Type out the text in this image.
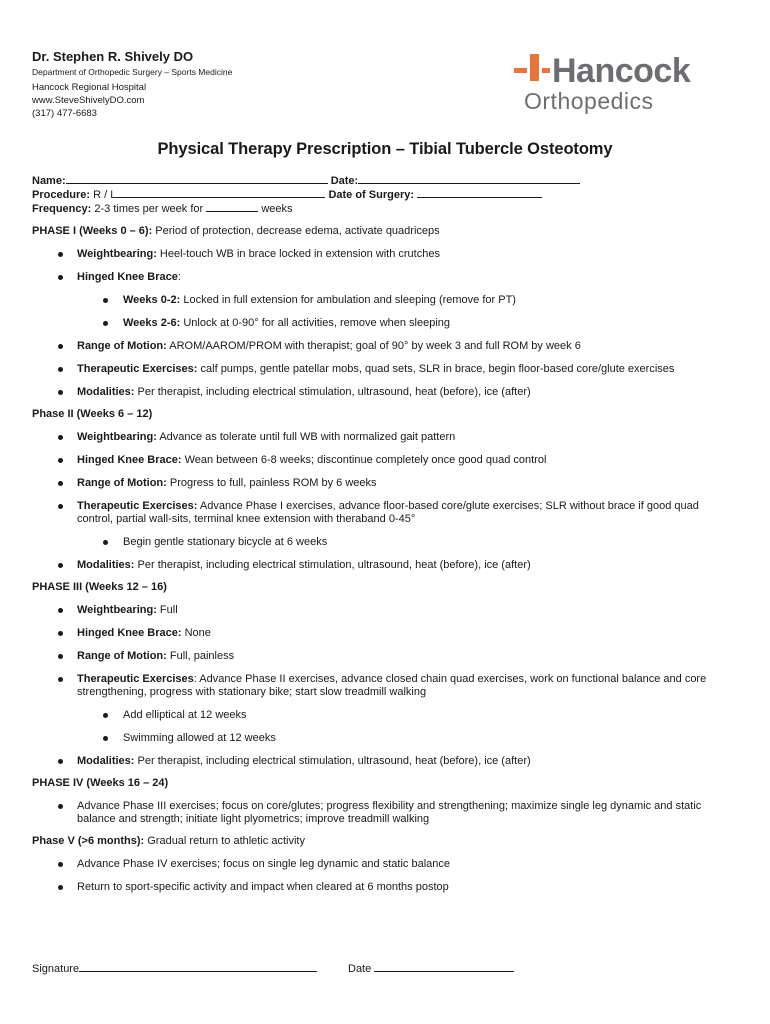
Dr. Stephen R. Shively DO
Department of Orthopedic Surgery – Sports Medicine
Hancock Regional Hospital
www.SteveShivelyDO.com
(317) 477-6683
Hancock
Orthopedics
Physical Therapy Prescription – Tibial Tubercle Osteotomy
Name:	Date:
Procedure: R / L	Date of Surgery:
Frequency: 2-3 times per week for	weeks
PHASE I (Weeks 0 – 6): Period of protection, decrease edema, activate quadriceps
Weightbearing: Heel-touch WB in brace locked in extension with crutches
Hinged Knee Brace:
Weeks 0-2: Locked in full extension for ambulation and sleeping (remove for PT)
Weeks 2-6: Unlock at 0-90° for all activities, remove when sleeping
Range of Motion: AROM/AAROM/PROM with therapist; goal of 90° by week 3 and full ROM by week 6
Therapeutic Exercises: calf pumps, gentle patellar mobs, quad sets, SLR in brace, begin floor-based core/glute exercises
Modalities: Per therapist, including electrical stimulation, ultrasound, heat (before), ice (after)
Phase II (Weeks 6 – 12)
Weightbearing: Advance as tolerate until full WB with normalized gait pattern
Hinged Knee Brace: Wean between 6-8 weeks; discontinue completely once good quad control
Range of Motion: Progress to full, painless ROM by 6 weeks
Therapeutic Exercises: Advance Phase I exercises, advance floor-based core/glute exercises; SLR without brace if good quad control, partial wall-sits, terminal knee extension with theraband 0-45°
Begin gentle stationary bicycle at 6 weeks
Modalities: Per therapist, including electrical stimulation, ultrasound, heat (before), ice (after)
PHASE III (Weeks 12 – 16)
Weightbearing: Full
Hinged Knee Brace: None
Range of Motion: Full, painless
Therapeutic Exercises: Advance Phase II exercises, advance closed chain quad exercises, work on functional balance and core strengthening, progress with stationary bike; start slow treadmill walking
Add elliptical at 12 weeks
Swimming allowed at 12 weeks
Modalities: Per therapist, including electrical stimulation, ultrasound, heat (before), ice (after)
PHASE IV (Weeks 16 – 24)
Advance Phase III exercises; focus on core/glutes; progress flexibility and strengthening; maximize single leg dynamic and static balance and strength; initiate light plyometrics; improve treadmill walking
Phase V (>6 months): Gradual return to athletic activity
Advance Phase IV exercises; focus on single leg dynamic and static balance
Return to sport-specific activity and impact when cleared at 6 months postop
Signature	Date
